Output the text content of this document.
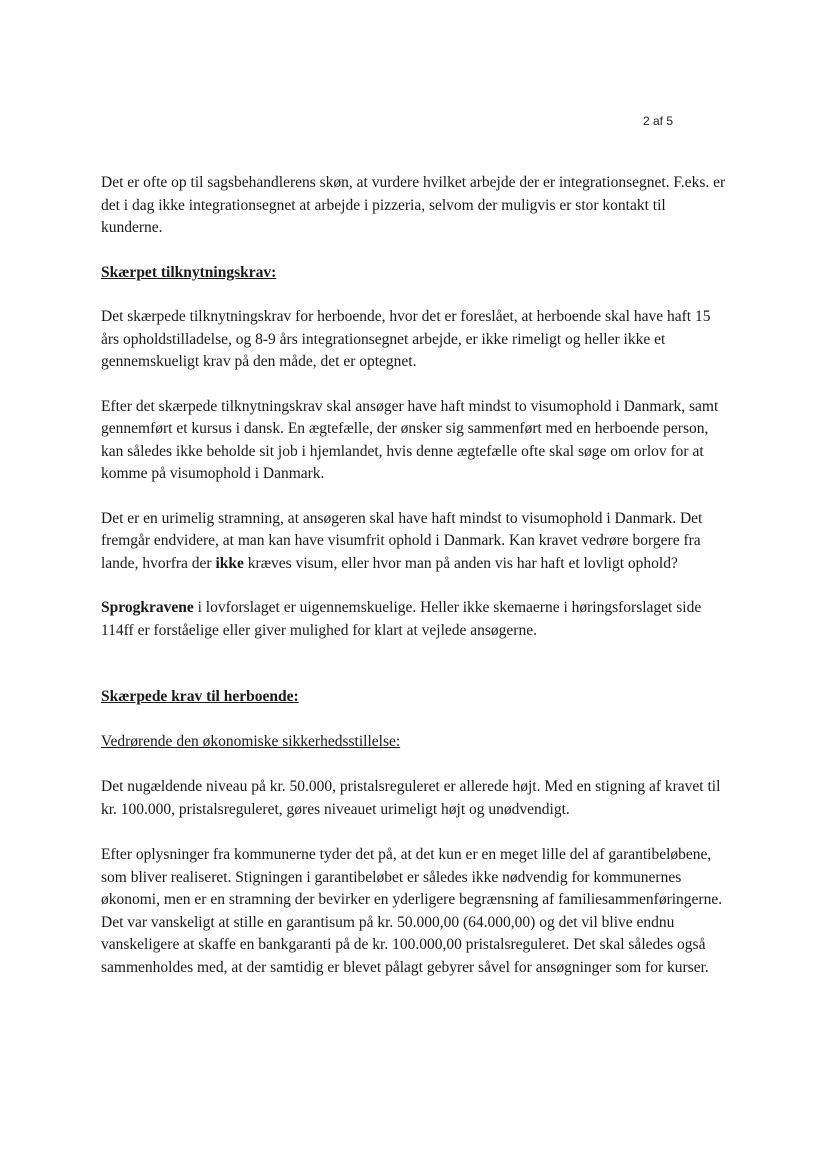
2 af 5

Det er ofte op til sagsbehandlerens skøn, at vurdere hvilket arbejde der er integrationsegnet. F.eks. er det i dag ikke integrationsegnet at arbejde i pizzeria, selvom der muligvis er stor kontakt til kunderne.

Skærpet tilknytningskrav:

Det skærpede tilknytningskrav for herboende, hvor det er foreslået, at herboende skal have haft 15 års opholdstilladelse, og 8-9 års integrationsegnet arbejde, er ikke rimeligt og heller ikke et gennemskueligt krav på den måde, det er optegnet.

Efter det skærpede tilknytningskrav skal ansøger have haft mindst to visumophold i Danmark, samt gennemført et kursus i dansk. En ægtefælle, der ønsker sig sammenført med en herboende person, kan således ikke beholde sit job i hjemlandet, hvis denne ægtefælle ofte skal søge om orlov for at komme på visumophold i Danmark.

Det er en urimelig stramning, at ansøgeren skal have haft mindst to visumophold i Danmark. Det fremgår endvidere, at man kan have visumfrit ophold i Danmark. Kan kravet vedrøre borgere fra lande, hvorfra der ikke kræves visum, eller hvor man på anden vis har haft et lovligt ophold?

Sprogkravene i lovforslaget er uigennemskuelige. Heller ikke skemaerne i høringsforslaget side 114ff er forståelige eller giver mulighed for klart at vejlede ansøgerne.

Skærpede krav til herboende:

Vedrørende den økonomiske sikkerhedsstillelse:

Det nugældende niveau på kr. 50.000, pristalsreguleret er allerede højt. Med en stigning af kravet til kr. 100.000, pristalsreguleret, gøres niveauet urimeligt højt og unødvendigt.

Efter oplysninger fra kommunerne tyder det på, at det kun er en meget lille del af garantibeløbene, som bliver realiseret. Stigningen i garantibeløbet er således ikke nødvendig for kommunernes økonomi, men er en stramning der bevirker en yderligere begrænsning af familiesammenføringerne. Det var vanskeligt at stille en garantisum på kr. 50.000,00 (64.000,00) og det vil blive endnu vanskeligere at skaffe en bankgaranti på de kr. 100.000,00 pristalsreguleret. Det skal således også sammenholdes med, at der samtidig er blevet pålagt gebyrer såvel for ansøgninger som for kurser.
